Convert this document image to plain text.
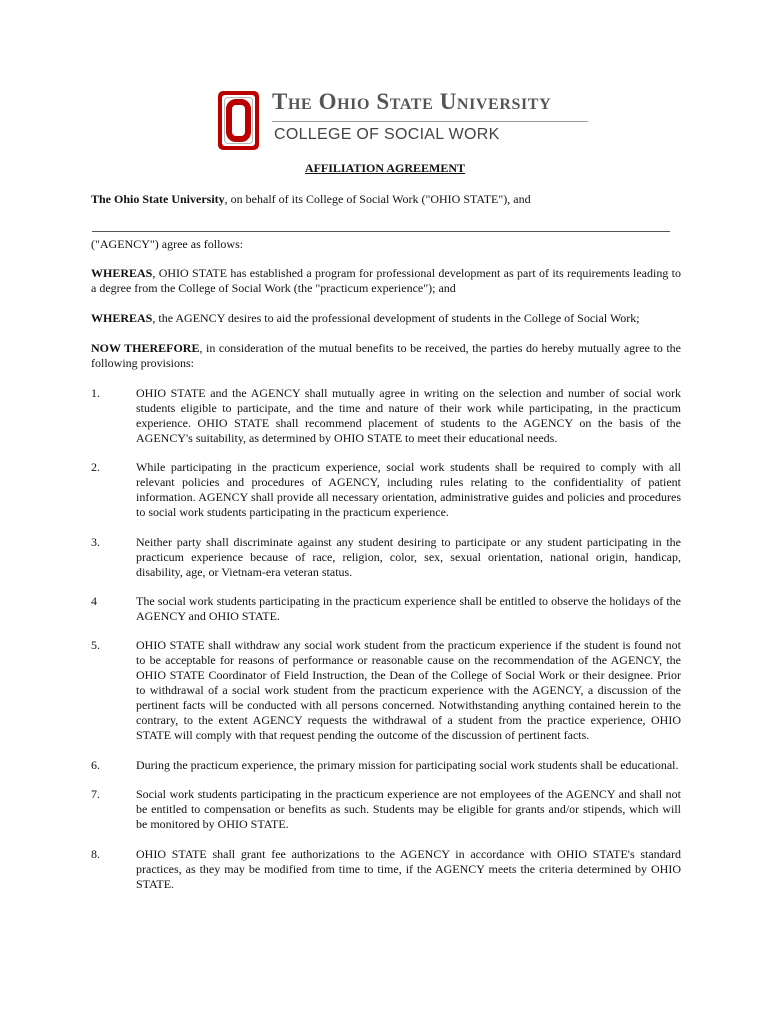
The Ohio State University
COLLEGE OF SOCIAL WORK
AFFILIATION AGREEMENT

The Ohio State University, on behalf of its College of Social Work ("OHIO STATE"), and

("AGENCY") agree as follows:

WHEREAS, OHIO STATE has established a program for professional development as part of its requirements leading to a degree from the College of Social Work (the "practicum experience"); and

WHEREAS, the AGENCY desires to aid the professional development of students in the College of Social Work;

NOW THEREFORE, in consideration of the mutual benefits to be received, the parties do hereby mutually agree to the following provisions:

1.	OHIO STATE and the AGENCY shall mutually agree in writing on the selection and number of social work students eligible to participate, and the time and nature of their work while participating, in the practicum experience. OHIO STATE shall recommend placement of students to the AGENCY on the basis of the AGENCY's suitability, as determined by OHIO STATE to meet their educational needs.

2.	While participating in the practicum experience, social work students shall be required to comply with all relevant policies and procedures of AGENCY, including rules relating to the confidentiality of patient information. AGENCY shall provide all necessary orientation, administrative guides and policies and procedures to social work students participating in the practicum experience.

3.	Neither party shall discriminate against any student desiring to participate or any student participating in the practicum experience because of race, religion, color, sex, sexual orientation, national origin, handicap, disability, age, or Vietnam-era veteran status.

4	The social work students participating in the practicum experience shall be entitled to observe the holidays of the AGENCY and OHIO STATE.

5.	OHIO STATE shall withdraw any social work student from the practicum experience if the student is found not to be acceptable for reasons of performance or reasonable cause on the recommendation of the AGENCY, the OHIO STATE Coordinator of Field Instruction, the Dean of the College of Social Work or their designee. Prior to withdrawal of a social work student from the practicum experience with the AGENCY, a discussion of the pertinent facts will be conducted with all persons concerned. Notwithstanding anything contained herein to the contrary, to the extent AGENCY requests the withdrawal of a student from the practice experience, OHIO STATE will comply with that request pending the outcome of the discussion of pertinent facts.

6.	During the practicum experience, the primary mission for participating social work students shall be educational.

7.	Social work students participating in the practicum experience are not employees of the AGENCY and shall not be entitled to compensation or benefits as such. Students may be eligible for grants and/or stipends, which will be monitored by OHIO STATE.

8.	OHIO STATE shall grant fee authorizations to the AGENCY in accordance with OHIO STATE's standard practices, as they may be modified from time to time, if the AGENCY meets the criteria determined by OHIO STATE.
